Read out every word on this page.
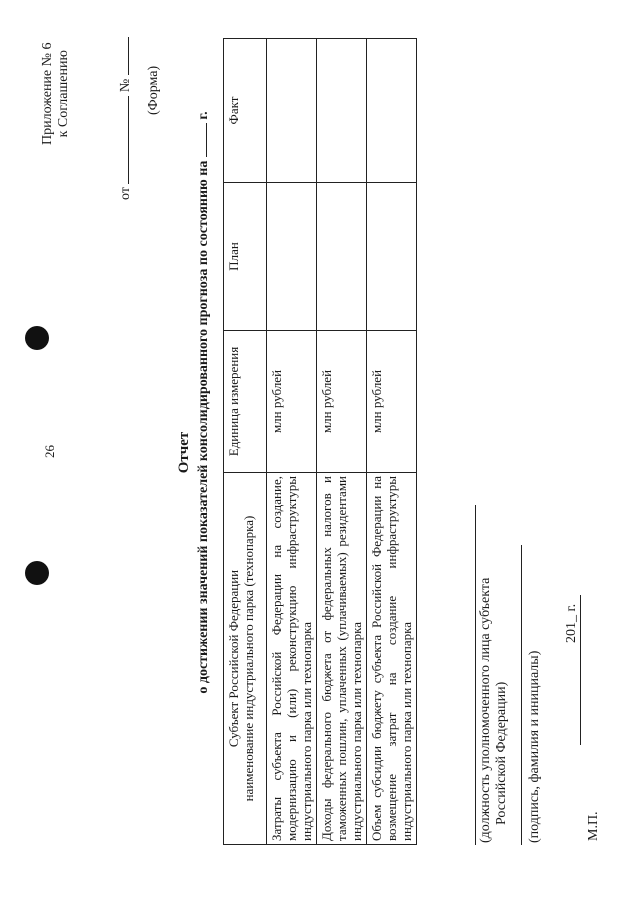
26
Приложение № 6 к Соглашению
от  № (Форма)
Отчет о достижении значений показателей консолидированного прогноза по состоянию на  г.
Субъект Российской Федерации наименование индустриального парка (технопарка)	Единица измерения	План	Факт
Затраты субъекта Российской Федерации на создание, модернизацию и (или) реконструкцию инфраструктуры индустриального парка или технопарка	млн рублей		
Доходы федерального бюджета от федеральных налогов и таможенных пошлин, уплаченных (уплачиваемых) резидентами индустриального парка или технопарка	млн рублей		
Объем субсидии бюджету субъекта Российской Федерации на возмещение затрат на создание инфраструктуры индустриального парка или технопарка	млн рублей		
(должность уполномоченного лица субъекта Российской Федерации) (подпись, фамилия и инициалы)
201_ г.
М.П.
